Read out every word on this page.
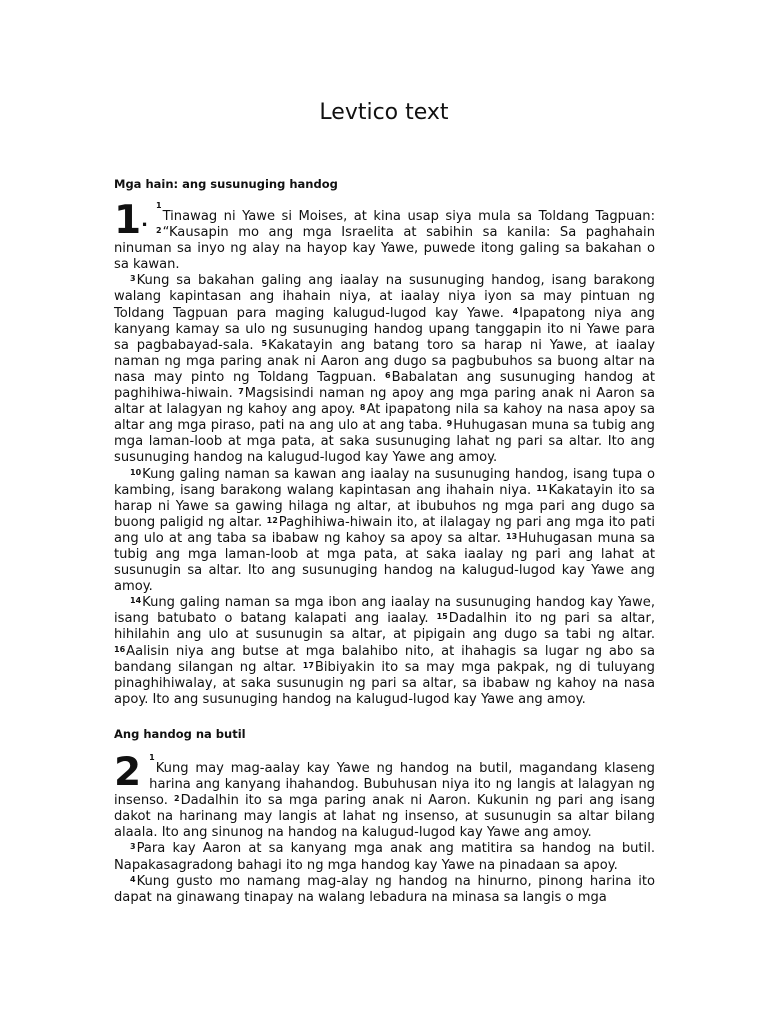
Levtico text
Mga hain: ang susunuging handog

1.
$^1$Tinawag ni Yawe si Moises, at kina usap siya mula sa Toldang Tagpuan: $^2$“Kausapin mo ang mga Israelita at sabihin sa kanila: Sa paghahain ninuman sa inyo ng alay na hayop kay Yawe, puwede itong galing sa bakahan o sa kawan.

$^3$Kung sa bakahan galing ang iaalay na susunuging handog, isang barakong walang kapintasan ang ihahain niya, at iaalay niya iyon sa may pintuan ng Toldang Tagpuan para maging kalugud-lugod kay Yawe. $^4$Ipapatong niya ang kanyang kamay sa ulo ng susunuging handog upang tanggapin ito ni Yawe para sa pagbabayad-sala. $^5$Kakatayin ang batang toro sa harap ni Yawe, at iaalay naman ng mga paring anak ni Aaron ang dugo sa pagbubuhos sa buong altar na nasa may pinto ng Toldang Tagpuan. $^6$Babalatan ang susunuging handog at paghihiwa-hiwain. $^7$Magsisindi naman ng apoy ang mga paring anak ni Aaron sa altar at lalagyan ng kahoy ang apoy. $^8$At ipapatong nila sa kahoy na nasa apoy sa altar ang mga piraso, pati na ang ulo at ang taba. $^9$Huhugasan muna sa tubig ang mga laman-loob at mga pata, at saka susunuging lahat ng pari sa altar. Ito ang susunuging handog na kalugud-lugod kay Yawe ang amoy.

$^{10}$Kung galing naman sa kawan ang iaalay na susunuging handog, isang tupa o kambing, isang barakong walang kapintasan ang ihahain niya. $^{11}$Kakatayin ito sa harap ni Yawe sa gawing hilaga ng altar, at ibubuhos ng mga pari ang dugo sa buong paligid ng altar. $^{12}$Paghihiwa-hiwain ito, at ilalagay ng pari ang mga ito pati ang ulo at ang taba sa ibabaw ng kahoy sa apoy sa altar. $^{13}$Huhugasan muna sa tubig ang mga laman-loob at mga pata, at saka iaalay ng pari ang lahat at susunugin sa altar. Ito ang susunuging handog na kalugud-lugod kay Yawe ang amoy.

$^{14}$Kung galing naman sa mga ibon ang iaalay na susunuging handog kay Yawe, isang batubato o batang kalapati ang iaalay. $^{15}$Dadalhin ito ng pari sa altar, hihilahin ang ulo at susunugin sa altar, at pipigain ang dugo sa tabi ng altar. $^{16}$Aalisin niya ang butse at mga balahibo nito, at ihahagis sa lugar ng abo sa bandang silangan ng altar. $^{17}$Bibiyakin ito sa may mga pakpak, ng di tuluyang pinaghihiwalay, at saka susunugin ng pari sa altar, sa ibabaw ng kahoy na nasa apoy. Ito ang susunuging handog na kalugud-lugod kay Yawe ang amoy.

Ang handog na butil

2 $^1$Kung may mag-aalay kay Yawe ng handog na butil, magandang klaseng harina ang kanyang ihahandog. Bubuhusan niya ito ng langis at lalagyan ng insenso. $^2$Dadalhin ito sa mga paring anak ni Aaron. Kukunin ng pari ang isang dakot na harinang may langis at lahat ng insenso, at susunugin sa altar bilang alaala. Ito ang sinunog na handog na kalugud-lugod kay Yawe ang amoy.

$^3$Para kay Aaron at sa kanyang mga anak ang matitira sa handog na butil. Napakasagradong bahagi ito ng mga handog kay Yawe na pinadaan sa apoy.

$^4$Kung gusto mo namang mag-alay ng handog na hinurno, pinong harina ito dapat na ginawang tinapay na walang lebadura na minasa sa langis o mga
